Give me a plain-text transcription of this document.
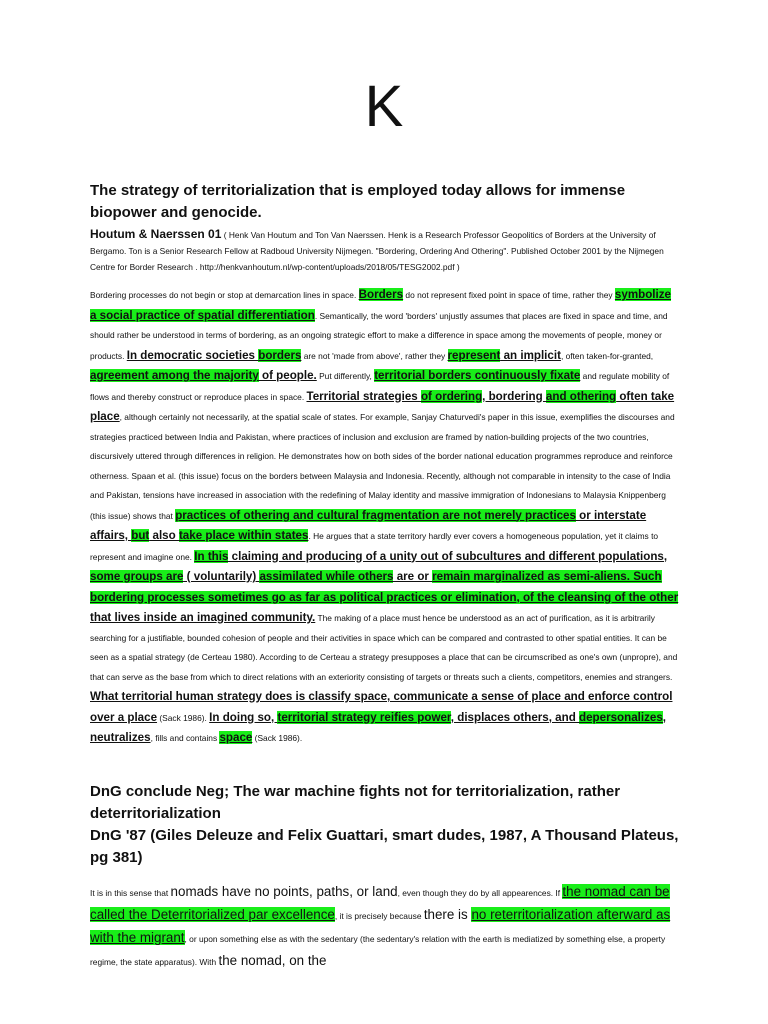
K

The strategy of territorialization that is employed today allows for immense biopower and genocide.

Houtum & Naerssen 01 ( Henk Van Houtum and Ton Van Naerssen. Henk is a Research Professor Geopolitics of Borders at the University of Bergamo. Ton is a Senior Research Fellow at Radboud University Nijmegen. "Bordering, Ordering And Othering". Published October 2001 by the Nijmegen Centre for Border Research . http://henkvanhoutum.nl/wp-content/uploads/2018/05/TESG2002.pdf )

Bordering processes do not begin or stop at demarcation lines in space. Borders do not represent fixed point in space of time, rather they symbolize a social practice of spatial differentiation. Semantically, the word 'borders' unjustly assumes that places are fixed in space and time, and should rather be understood in terms of bordering, as an ongoing strategic effort to make a difference in space among the movements of people, money or products. In democratic societies borders are not 'made from above', rather they represent an implicit, often taken-for-granted, agreement among the majority of people. Put differently, territorial borders continuously fixate and regulate mobility of flows and thereby construct or reproduce places in space. Territorial strategies of ordering, bordering and othering often take place, although certainly not necessarily, at the spatial scale of states. For example, Sanjay Chaturvedi's paper in this issue, exemplifies the discourses and strategies practiced between India and Pakistan, where practices of inclusion and exclusion are framed by nation-building projects of the two countries, discursively uttered through differences in religion. He demonstrates how on both sides of the border national education programmes reproduce and reinforce otherness. Spaan et al. (this issue) focus on the borders between Malaysia and Indonesia. Recently, although not comparable in intensity to the case of India and Pakistan, tensions have increased in association with the redefining of Malay identity and massive immigration of Indonesians to Malaysia Knippenberg (this issue) shows that practices of othering and cultural fragmentation are not merely practices or interstate affairs, but also take place within states. He argues that a state territory hardly ever covers a homogeneous population, yet it claims to represent and imagine one. In this claiming and producing of a unity out of subcultures and different populations, some groups are ( voluntarily) assimilated while others are or remain marginalized as semi-aliens. Such bordering processes sometimes go as far as political practices or elimination, of the cleansing of the other that lives inside an imagined community. The making of a place must hence be understood as an act of purification, as it is arbitrarily searching for a justifiable, bounded cohesion of people and their activities in space which can be compared and contrasted to other spatial entities. It can be seen as a spatial strategy (de Certeau 1980). According to de Certeau a strategy presupposes a place that can be circumscribed as one's own (unpropre), and that can serve as the base from which to direct relations with an exteriority consisting of targets or threats such a clients, competitors, enemies and strangers. What territorial human strategy does is classify space, communicate a sense of place and enforce control over a place (Sack 1986). In doing so, territorial strategy reifies power, displaces others, and depersonalizes, neutralizes, fills and contains space (Sack 1986).

DnG conclude Neg; The war machine fights not for territorialization, rather deterritorialization

DnG '87 (Giles Deleuze and Felix Guattari, smart dudes, 1987, A Thousand Plateus, pg 381)

It is in this sense that nomads have no points, paths, or land, even though they do by all appearences. If the nomad can be called the Deterritorialized par excellence, it is precisely because there is no reterritorialization afterward as with the migrant, or upon something else as with the sedentary (the sedentary's relation with the earth is mediatized by something else, a property regime, the state apparatus). With the nomad, on the
